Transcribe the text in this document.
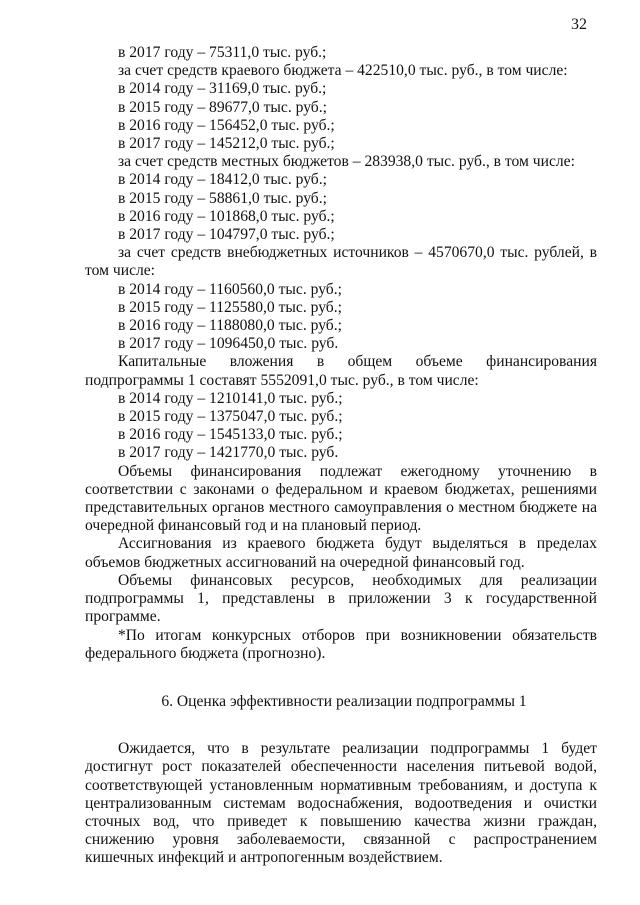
32
в 2017 году – 75311,0 тыс. руб.;
за счет средств краевого бюджета – 422510,0 тыс. руб., в том числе:
в 2014 году – 31169,0 тыс. руб.;
в 2015 году – 89677,0 тыс. руб.;
в 2016 году – 156452,0 тыс. руб.;
в 2017 году – 145212,0 тыс. руб.;
за счет средств местных бюджетов – 283938,0 тыс. руб., в том числе:
в 2014 году – 18412,0 тыс. руб.;
в 2015 году – 58861,0 тыс. руб.;
в 2016 году – 101868,0 тыс. руб.;
в 2017 году – 104797,0 тыс. руб.;
за счет средств внебюджетных источников – 4570670,0 тыс. рублей, в том числе:
в 2014 году – 1160560,0 тыс. руб.;
в 2015 году – 1125580,0 тыс. руб.;
в 2016 году – 1188080,0 тыс. руб.;
в 2017 году – 1096450,0 тыс. руб.
Капитальные вложения в общем объеме финансирования подпрограммы 1 составят 5552091,0 тыс. руб., в том числе:
в 2014 году – 1210141,0 тыс. руб.;
в 2015 году – 1375047,0 тыс. руб.;
в 2016 году – 1545133,0 тыс. руб.;
в 2017 году – 1421770,0 тыс. руб.
Объемы финансирования подлежат ежегодному уточнению в соответствии с законами о федеральном и краевом бюджетах, решениями представительных органов местного самоуправления о местном бюджете на очередной финансовый год и на плановый период.
Ассигнования из краевого бюджета будут выделяться в пределах объемов бюджетных ассигнований на очередной финансовый год.
Объемы финансовых ресурсов, необходимых для реализации подпрограммы 1, представлены в приложении 3 к государственной программе.
*По итогам конкурсных отборов при возникновении обязательств федерального бюджета (прогнозно).
6. Оценка эффективности реализации подпрограммы 1
Ожидается, что в результате реализации подпрограммы 1 будет достигнут рост показателей обеспеченности населения питьевой водой, соответствующей установленным нормативным требованиям, и доступа к централизованным системам водоснабжения, водоотведения и очистки сточных вод, что приведет к повышению качества жизни граждан, снижению уровня заболеваемости, связанной с распространением кишечных инфекций и антропогенным воздействием.
